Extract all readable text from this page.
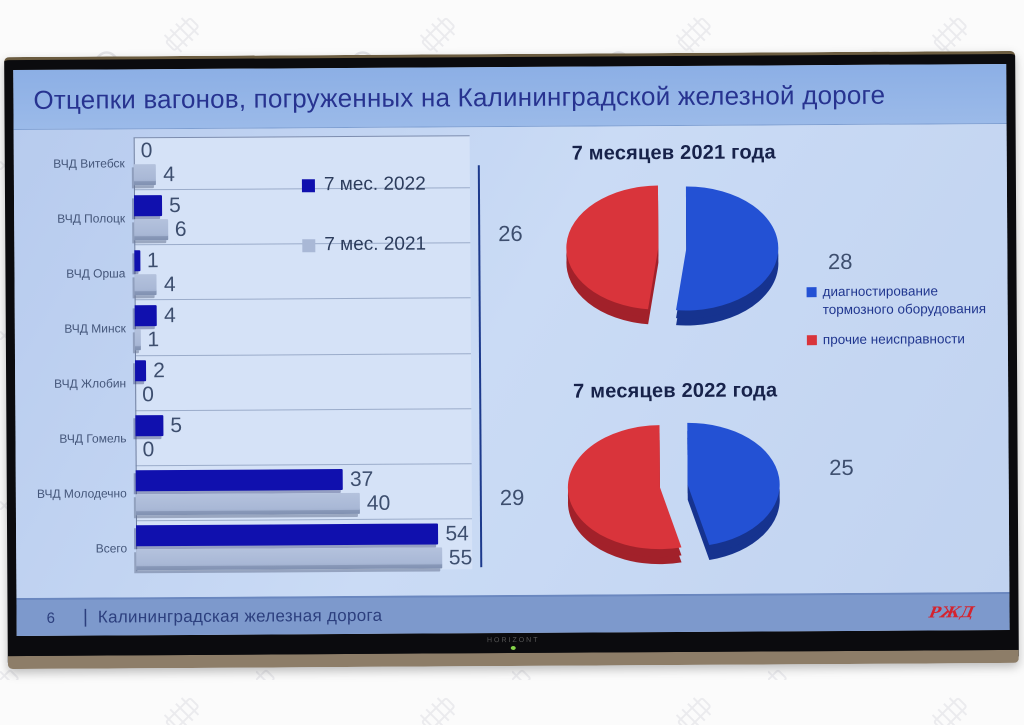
Отцепки вагонов, погруженных на Калининградской железной дороге
ВЧД Витебск
0
4
ВЧД Полоцк
5
6
ВЧД Орша
1
4
ВЧД Минск
4
1
ВЧД Жлобин
2
0
ВЧД Гомель
5
0
ВЧД Молодечно
37
40
Всего
54
55
7 мес. 2022
7 мес. 2021
7 месяцев 2021 года
26
28
7 месяцев 2022 года
29
25
диагностирование тормозного оборудования
прочие неисправности
6 | Калининградская железная дорога	РЖД
HORIZONT
